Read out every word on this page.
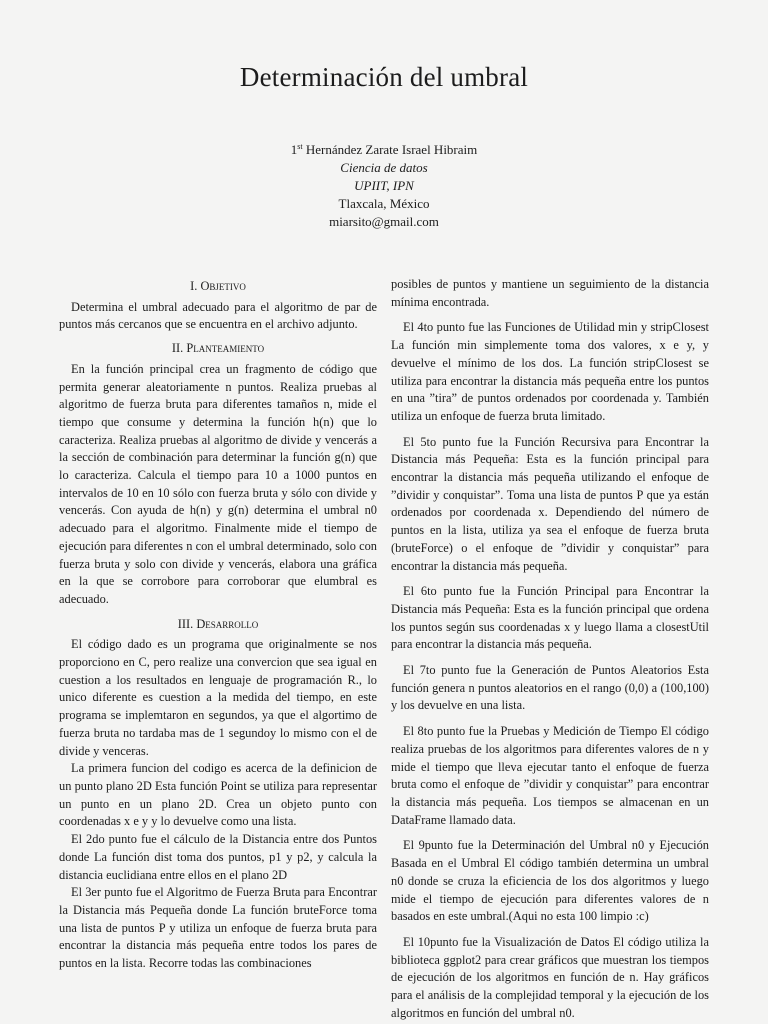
Determinación del umbral
1st Hernández Zarate Israel Hibraim
Ciencia de datos
UPIIT, IPN
Tlaxcala, México
miarsito@gmail.com
I. Objetivo

Determina el umbral adecuado para el algoritmo de par de puntos más cercanos que se encuentra en el archivo adjunto.

II. Planteamiento

En la función principal crea un fragmento de código que permita generar aleatoriamente n puntos. Realiza pruebas al algoritmo de fuerza bruta para diferentes tamaños n, mide el tiempo que consume y determina la función h(n) que lo caracteriza. Realiza pruebas al algoritmo de divide y vencerás a la sección de combinación para determinar la función g(n) que lo caracteriza. Calcula el tiempo para 10 a 1000 puntos en intervalos de 10 en 10 sólo con fuerza bruta y sólo con divide y vencerás. Con ayuda de h(n) y g(n) determina el umbral n0 adecuado para el algoritmo. Finalmente mide el tiempo de ejecución para diferentes n con el umbral determinado, solo con fuerza bruta y solo con divide y vencerás, elabora una gráfica en la que se corrobore para corroborar que elumbral es adecuado.

III. Desarrollo

El código dado es un programa que originalmente se nos proporciono en C, pero realize una convercion que sea igual en cuestion a los resultados en lenguaje de programación R., lo unico diferente es cuestion a la medida del tiempo, en este programa se implemtaron en segundos, ya que el algortimo de fuerza bruta no tardaba mas de 1 segundoy lo mismo con el de divide y venceras.

La primera funcion del codigo es acerca de la definicion de un punto plano 2D Esta función Point se utiliza para representar un punto en un plano 2D. Crea un objeto punto con coordenadas x e y y lo devuelve como una lista.

El 2do punto fue el cálculo de la Distancia entre dos Puntos donde La función dist toma dos puntos, p1 y p2, y calcula la distancia euclidiana entre ellos en el plano 2D

El 3er punto fue el Algoritmo de Fuerza Bruta para Encontrar la Distancia más Pequeña donde La función bruteForce toma una lista de puntos P y utiliza un enfoque de fuerza bruta para encontrar la distancia más pequeña entre todos los pares de puntos en la lista. Recorre todas las combinaciones

posibles de puntos y mantiene un seguimiento de la distancia mínima encontrada.

El 4to punto fue las Funciones de Utilidad min y stripClosest La función min simplemente toma dos valores, x e y, y devuelve el mínimo de los dos. La función stripClosest se utiliza para encontrar la distancia más pequeña entre los puntos en una ”tira” de puntos ordenados por coordenada y. También utiliza un enfoque de fuerza bruta limitado.

El 5to punto fue la Función Recursiva para Encontrar la Distancia más Pequeña: Esta es la función principal para encontrar la distancia más pequeña utilizando el enfoque de ”dividir y conquistar”. Toma una lista de puntos P que ya están ordenados por coordenada x. Dependiendo del número de puntos en la lista, utiliza ya sea el enfoque de fuerza bruta (bruteForce) o el enfoque de ”dividir y conquistar” para encontrar la distancia más pequeña.

El 6to punto fue la Función Principal para Encontrar la Distancia más Pequeña: Esta es la función principal que ordena los puntos según sus coordenadas x y luego llama a closestUtil para encontrar la distancia más pequeña.

El 7to punto fue la Generación de Puntos Aleatorios Esta función genera n puntos aleatorios en el rango (0,0) a (100,100) y los devuelve en una lista.

El 8to punto fue la Pruebas y Medición de Tiempo El código realiza pruebas de los algoritmos para diferentes valores de n y mide el tiempo que lleva ejecutar tanto el enfoque de fuerza bruta como el enfoque de ”dividir y conquistar” para encontrar la distancia más pequeña. Los tiempos se almacenan en un DataFrame llamado data.

El 9punto fue la Determinación del Umbral n0 y Ejecución Basada en el Umbral El código también determina un umbral n0 donde se cruza la eficiencia de los dos algoritmos y luego mide el tiempo de ejecución para diferentes valores de n basados en este umbral.(Aqui no esta 100 limpio :c)

El 10punto fue la Visualización de Datos El código utiliza la biblioteca ggplot2 para crear gráficos que muestran los tiempos de ejecución de los algoritmos en función de n. Hay gráficos para el análisis de la complejidad temporal y la ejecución de los algoritmos en función del umbral n0.
